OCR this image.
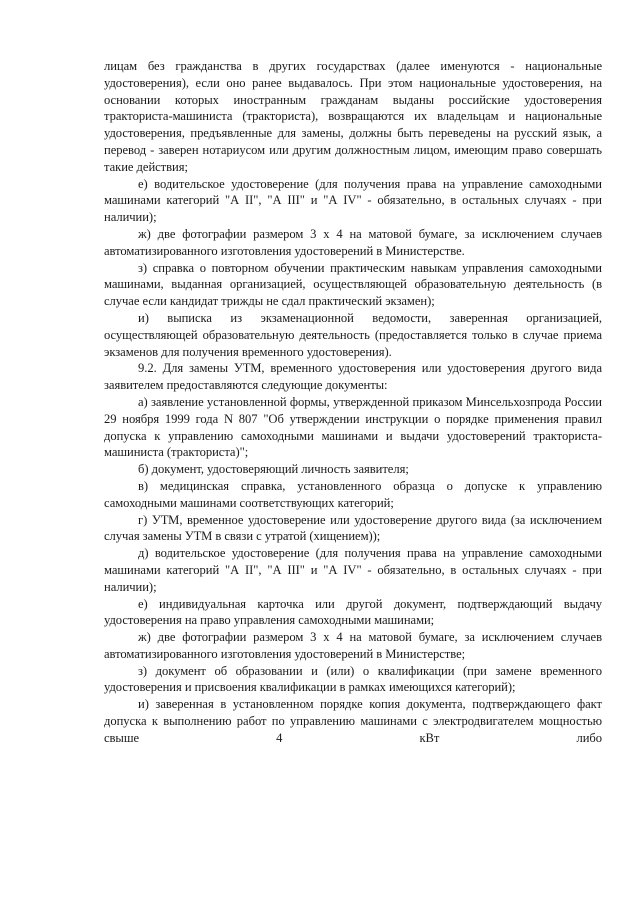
лицам без гражданства в других государствах (далее именуются - национальные удостоверения), если оно ранее выдавалось. При этом национальные удостоверения, на основании которых иностранным гражданам выданы российские удостоверения тракториста-машиниста (тракториста), возвращаются их владельцам и национальные удостоверения, предъявленные для замены, должны быть переведены на русский язык, а перевод - заверен нотариусом или другим должностным лицом, имеющим право совершать такие действия;

е) водительское удостоверение (для получения права на управление самоходными машинами категорий "А II", "А III" и "А IV" - обязательно, в остальных случаях - при наличии);

ж) две фотографии размером 3 х 4 на матовой бумаге, за исключением случаев автоматизированного изготовления удостоверений в Министерстве.

з) справка о повторном обучении практическим навыкам управления самоходными машинами, выданная организацией, осуществляющей образовательную деятельность (в случае если кандидат трижды не сдал практический экзамен);

и) выписка из экзаменационной ведомости, заверенная организацией, осуществляющей образовательную деятельность (предоставляется только в случае приема экзаменов для получения временного удостоверения).

9.2. Для замены УТМ, временного удостоверения или удостоверения другого вида заявителем предоставляются следующие документы:

а) заявление установленной формы, утвержденной приказом Минсельхозпрода России 29 ноября 1999 года N 807 "Об утверждении инструкции о порядке применения правил допуска к управлению самоходными машинами и выдачи удостоверений тракториста-машиниста (тракториста)";

б) документ, удостоверяющий личность заявителя;

в) медицинская справка, установленного образца о допуске к управлению самоходными машинами соответствующих категорий;

г) УТМ, временное удостоверение или удостоверение другого вида (за исключением случая замены УТМ в связи с утратой (хищением));

д) водительское удостоверение (для получения права на управление самоходными машинами категорий "А II", "А III" и "А IV" - обязательно, в остальных случаях - при наличии);

е) индивидуальная карточка или другой документ, подтверждающий выдачу удостоверения на право управления самоходными машинами;

ж) две фотографии размером 3 х 4 на матовой бумаге, за исключением случаев автоматизированного изготовления удостоверений в Министерстве;

з) документ об образовании и (или) о квалификации (при замене временного удостоверения и присвоения квалификации в рамках имеющихся категорий);

и) заверенная в установленном порядке копия документа, подтверждающего факт допуска к выполнению работ по управлению машинами с электродвигателем мощностью свыше 4 кВт либо
